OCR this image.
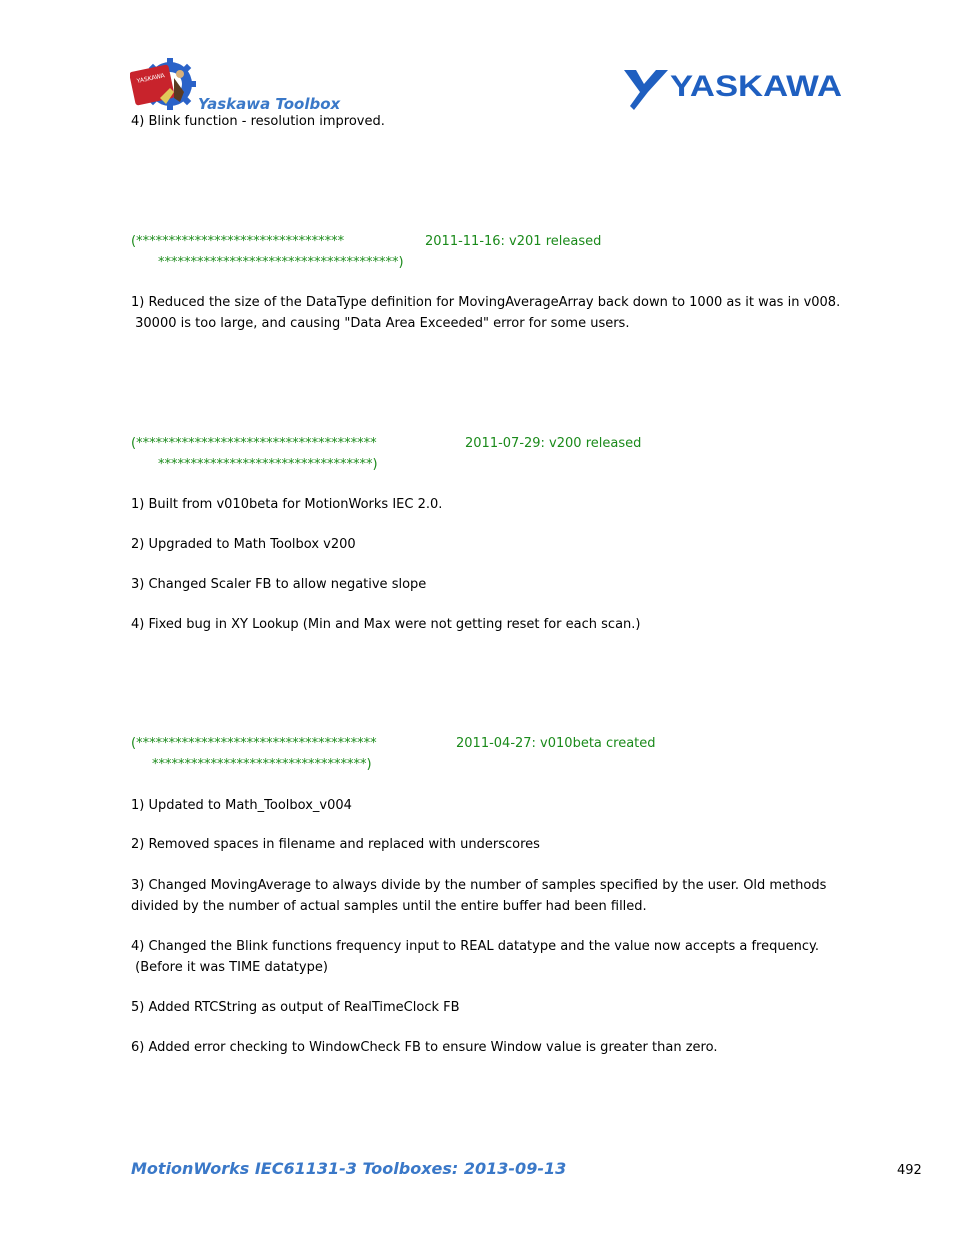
YASKAWA
Yaskawa Toolbox
YASKAWA
4) Blink function - resolution improved.
(********************************	2011-11-16: v201 released
*************************************)
1) Reduced the size of the DataType definition for MovingAverageArray back down to 1000 as it was in v008.
30000 is too large, and causing "Data Area Exceeded" error for some users.
(*************************************	2011-07-29: v200 released
*********************************)
1) Built from v010beta for MotionWorks IEC 2.0.
2) Upgraded to Math Toolbox v200
3) Changed Scaler FB to allow negative slope
4) Fixed bug in XY Lookup (Min and Max were not getting reset for each scan.)
(*************************************	2011-04-27: v010beta created
*********************************)
1) Updated to Math_Toolbox_v004
2) Removed spaces in filename and replaced with underscores
3) Changed MovingAverage to always divide by the number of samples specified by the user. Old methods
divided by the number of actual samples until the entire buffer had been filled.
4) Changed the Blink functions frequency input to REAL datatype and the value now accepts a frequency.
(Before it was TIME datatype)
5) Added RTCString as output of RealTimeClock FB
6) Added error checking to WindowCheck FB to ensure Window value is greater than zero.
MotionWorks IEC61131-3 Toolboxes: 2013-09-13	492
